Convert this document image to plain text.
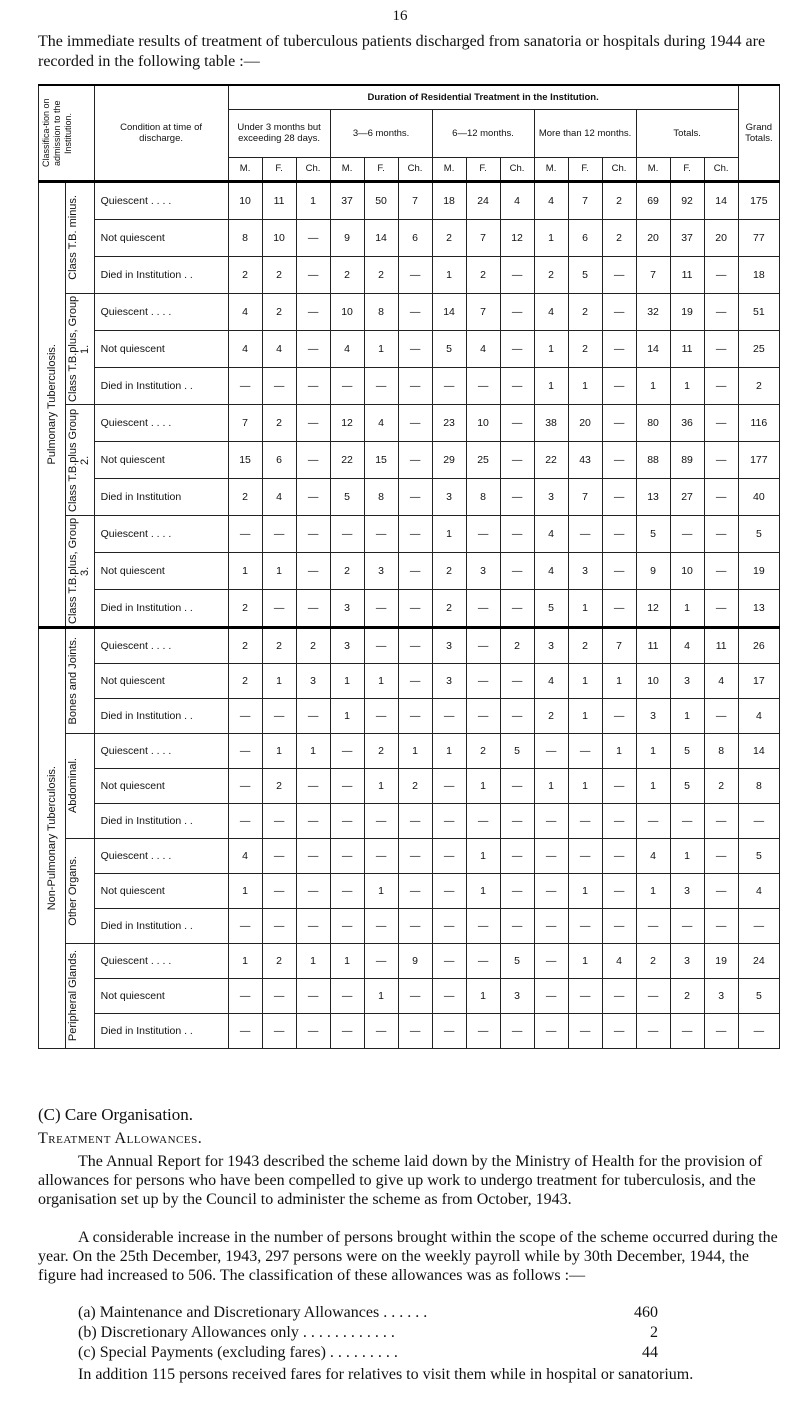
16
The immediate results of treatment of tuberculous patients discharged from sanatoria or hospitals during 1944 are recorded in the following table :—
Classifica-tion on admission to the Institution.		Condition at time of discharge.	Duration of Residential Treatment in the Institution.															Grand Totals.
			Under 3 months but exceeding 28 days.			3—6 months.			6—12 months.			More than 12 months.			Totals.			
			M.	F.	Ch.	M.	F.	Ch.	M.	F.	Ch.	M.	F.	Ch.	M.	F.	Ch.	

Pulmonary Tuberculosis.	Class T.B. minus.	Quiescent . . . .	10	11	1	37	50	7	18	24	4	4	7	2	69	92	14	175
		Not quiescent	8	10	—	9	14	6	2	7	12	1	6	2	20	37	20	77
		Died in Institution . .	2	2	—	2	2	—	1	2	—	2	5	—	7	11	—	18

	Class T.B.plus, Group 1.	Quiescent . . . .	4	2	—	10	8	—	14	7	—	4	2	—	32	19	—	51
		Not quiescent	4	4	—	4	1	—	5	4	—	1	2	—	14	11	—	25
		Died in Institution . .	—	—	—	—	—	—	—	—	—	1	1	—	1	1	—	2

	Class T.B.plus Group 2.	Quiescent . . . .	7	2	—	12	4	—	23	10	—	38	20	—	80	36	—	116
		Not quiescent	15	6	—	22	15	—	29	25	—	22	43	—	88	89	—	177
		Died in Institution	2	4	—	5	8	—	3	8	—	3	7	—	13	27	—	40

	Class T.B.plus, Group 3.	Quiescent . . . .	—	—	—	—	—	—	1	—	—	4	—	—	5	—	—	5
		Not quiescent	1	1	—	2	3	—	2	3	—	4	3	—	9	10	—	19
		Died in Institution . .	2	—	—	3	—	—	2	—	—	5	1	—	12	1	—	13

Non-Pulmonary Tuberculosis.	Bones and Joints.	Quiescent . . . .	2	2	2	3	—	—	3	—	2	3	2	7	11	4	11	26
		Not quiescent	2	1	3	1	1	—	3	—	—	4	1	1	10	3	4	17
		Died in Institution . .	—	—	—	1	—	—	—	—	—	2	1	—	3	1	—	4

	Abdominal.	Quiescent . . . .	—	1	1	—	2	1	1	2	5	—	—	1	1	5	8	14
		Not quiescent	—	2	—	—	1	2	—	1	—	1	1	—	1	5	2	8
		Died in Institution . .	—	—	—	—	—	—	—	—	—	—	—	—	—	—	—	—

	Other Organs.	Quiescent . . . .	4	—	—	—	—	—	—	1	—	—	—	—	4	1	—	5
		Not quiescent	1	—	—	—	1	—	—	1	—	—	1	—	1	3	—	4
		Died in Institution . .	—	—	—	—	—	—	—	—	—	—	—	—	—	—	—	—

	Peripheral Glands.	Quiescent . . . .	1	2	1	1	—	9	—	—	5	—	1	4	2	3	19	24
		Not quiescent	—	—	—	—	1	—	—	1	3	—	—	—	—	2	3	5
		Died in Institution . .	—	—	—	—	—	—	—	—	—	—	—	—	—	—	—	—
(C) Care Organisation.
Treatment Allowances.
The Annual Report for 1943 described the scheme laid down by the Ministry of Health for the provision of allowances for persons who have been compelled to give up work to undergo treatment for tuberculosis, and the organisation set up by the Council to administer the scheme as from October, 1943.
A considerable increase in the number of persons brought within the scope of the scheme occurred during the year. On the 25th December, 1943, 297 persons were on the weekly payroll while by 30th December, 1944, the figure had increased to 506. The classification of these allowances was as follows :—
(a) Maintenance and Discretionary Allowances . . . . . .	460
(b) Discretionary Allowances only . . . . . . . . . . . .	2
(c) Special Payments (excluding fares) . . . . . . . . .	44
In addition 115 persons received fares for relatives to visit them while in hospital or sanatorium.
